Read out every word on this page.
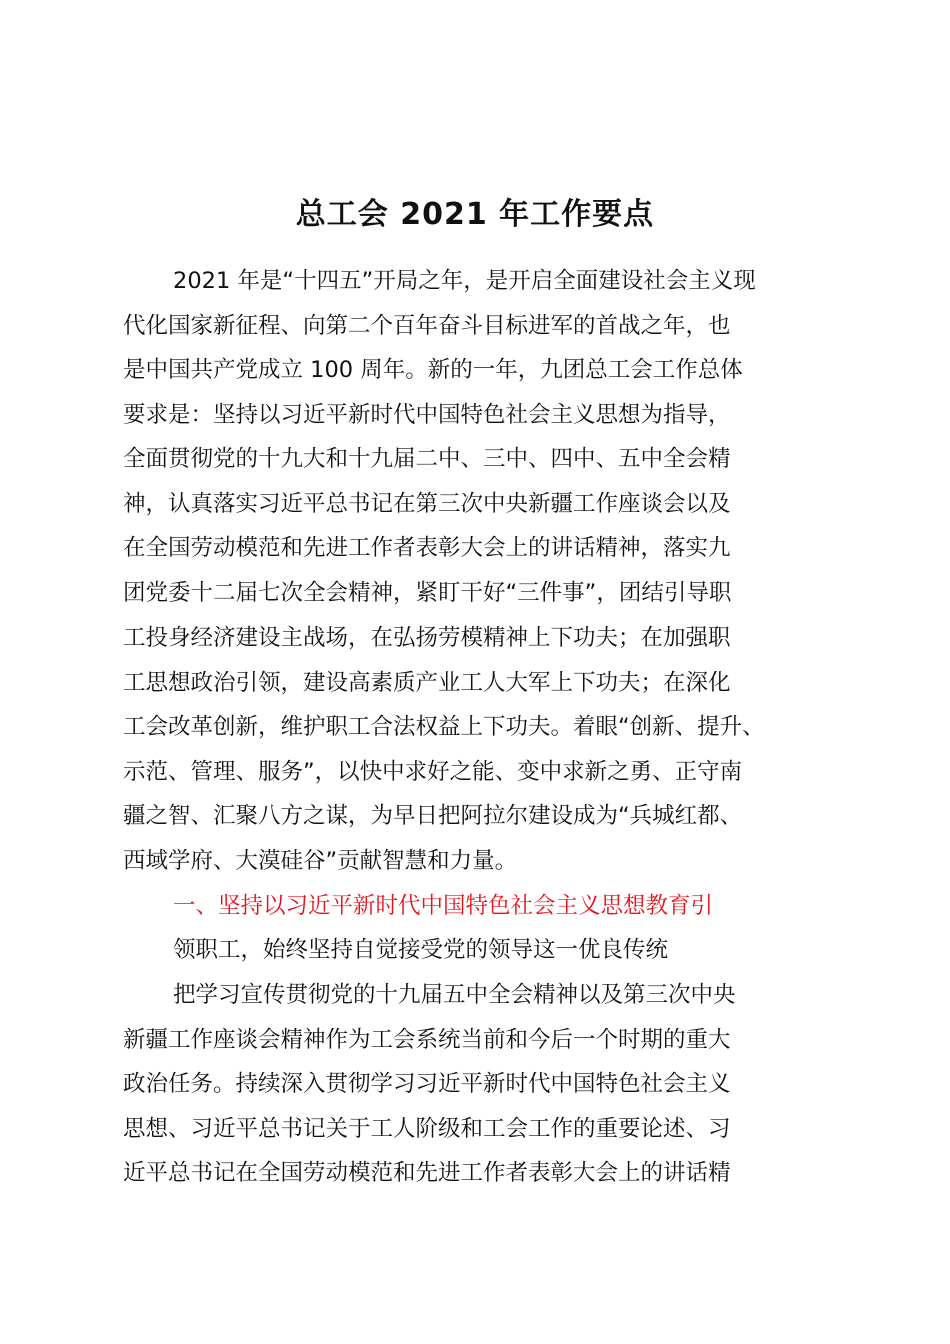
总工会 2021 年工作要点
2021 年是“十四五”开局之年，是开启全面建设社会主义现
代化国家新征程、向第二个百年奋斗目标进军的首战之年，也
是中国共产党成立 100 周年。新的一年，九团总工会工作总体
要求是：坚持以习近平新时代中国特色社会主义思想为指导，
全面贯彻党的十九大和十九届二中、三中、四中、五中全会精
神，认真落实习近平总书记在第三次中央新疆工作座谈会以及
在全国劳动模范和先进工作者表彰大会上的讲话精神，落实九
团党委十二届七次全会精神，紧盯干好“三件事”，团结引导职
工投身经济建设主战场，在弘扬劳模精神上下功夫；在加强职
工思想政治引领，建设高素质产业工人大军上下功夫；在深化
工会改革创新，维护职工合法权益上下功夫。着眼“创新、提升、
示范、管理、服务”，以快中求好之能、变中求新之勇、正守南
疆之智、汇聚八方之谋，为早日把阿拉尔建设成为“兵城红都、
西域学府、大漠硅谷”贡献智慧和力量。
一、坚持以习近平新时代中国特色社会主义思想教育引
领职工，始终坚持自觉接受党的领导这一优良传统
把学习宣传贯彻党的十九届五中全会精神以及第三次中央
新疆工作座谈会精神作为工会系统当前和今后一个时期的重大
政治任务。持续深入贯彻学习习近平新时代中国特色社会主义
思想、习近平总书记关于工人阶级和工会工作的重要论述、习
近平总书记在全国劳动模范和先进工作者表彰大会上的讲话精
